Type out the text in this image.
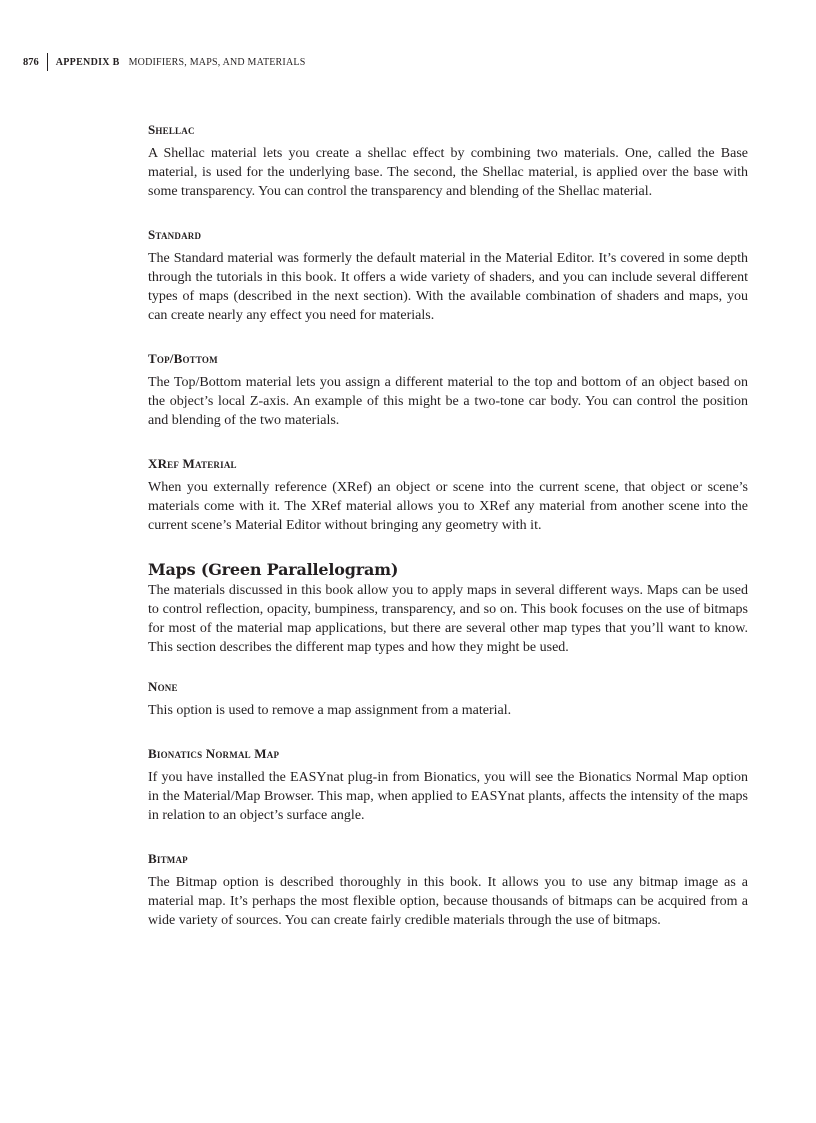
876	APPENDIX B MODIFIERS, MAPS, AND MATERIALS
Shellac

A Shellac material lets you create a shellac effect by combining two materials. One, called the Base material, is used for the underlying base. The second, the Shellac material, is applied over the base with some transparency. You can control the transparency and blending of the Shellac material.

Standard

The Standard material was formerly the default material in the Material Editor. It’s covered in some depth through the tutorials in this book. It offers a wide variety of shaders, and you can include several different types of maps (described in the next section). With the available combination of shaders and maps, you can create nearly any effect you need for materials.

Top/Bottom

The Top/Bottom material lets you assign a different material to the top and bottom of an object based on the object’s local Z-axis. An example of this might be a two-tone car body. You can control the position and blending of the two materials.

XRef Material

When you externally reference (XRef) an object or scene into the current scene, that object or scene’s materials come with it. The XRef material allows you to XRef any material from another scene into the current scene’s Material Editor without bringing any geometry with it.

Maps (Green Parallelogram)

The materials discussed in this book allow you to apply maps in several different ways. Maps can be used to control reflection, opacity, bumpiness, transparency, and so on. This book focuses on the use of bitmaps for most of the material map applications, but there are several other map types that you’ll want to know. This section describes the different map types and how they might be used.

None

This option is used to remove a map assignment from a material.

Bionatics Normal Map

If you have installed the EASYnat plug-in from Bionatics, you will see the Bionatics Normal Map option in the Material/Map Browser. This map, when applied to EASYnat plants, affects the intensity of the maps in relation to an object’s surface angle.

Bitmap

The Bitmap option is described thoroughly in this book. It allows you to use any bitmap image as a material map. It’s perhaps the most flexible option, because thousands of bitmaps can be acquired from a wide variety of sources. You can create fairly credible materials through the use of bitmaps.
